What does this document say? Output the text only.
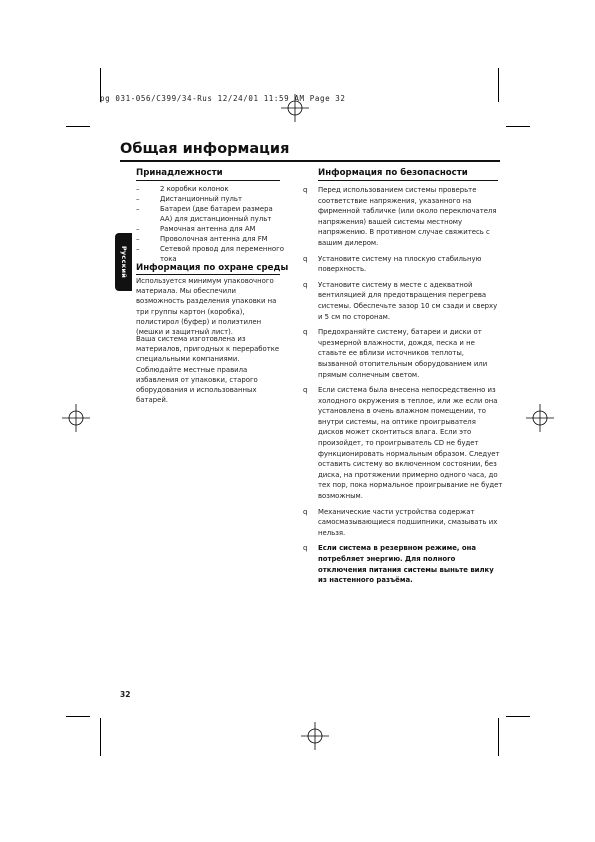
pg 031-056/C399/34-Rus 12/24/01 11:59 AM Page 32
Общая информация
Русский
Принадлежности
–	2 коробки колонок
–	Дистанционный пульт
–	Батареи (две батареи размера AA) для дистанционный пульт
–	Рамочная антенна для AM
–	Проволочная антенна для FM
–	Сетевой провод для переменного тока
Информация по охране среды
Используется минимум упаковочного материала. Мы обеспечили возможность разделения упаковки на три группы картон (коробка), полистирол (буфер) и полиэтилен (мешки и защитный лист).
Ваша система изготовлена из материалов, пригодных к переработке специальными компаниями. Соблюдайте местные правила избавления от упаковки, старого оборудования и использованных батарей.
Информация по безопасности
q	Перед использованием системы проверьте соответствие напряжения, указанного на фирменной табличке (или около переключателя напряжения) вашей системы местному напряжению. В противном случае свяжитесь с вашим дилером.
q	Установите систему на плоскую стабильную поверхность.
q	Установите систему в месте с адекватной вентиляцией для предотвращения перегрева системы. Обеспечьте зазор 10 см сзади и сверху и 5 см по сторонам.
q	Предохраняйте систему, батареи и диски от чрезмерной влажности, дождя, песка и не ставьте ее вблизи источников теплоты, вызванной отопительным оборудованием или прямым солнечным светом.
q	Если система была внесена непосредственно из холодного окружения в теплое, или же если она установлена в очень влажном помещении, то внутри системы, на оптике проигрывателя дисков может сконтиться влага. Если это произойдет, то проигрыватель CD не будет функционировать нормальным образом. Следует оставить систему во включенном состоянии, без диска, на протяжении примерно одного часа, до тех пор, пока нормальное проигрывание не будет возможным.
q	Механические части устройства содержат самосмазывающиеся подшипники, смазывать их нельзя.
q	Если система в резервном режиме, она потребляет энергию. Для полного отключения питания системы выньте вилку из настенного разъёма.
32
